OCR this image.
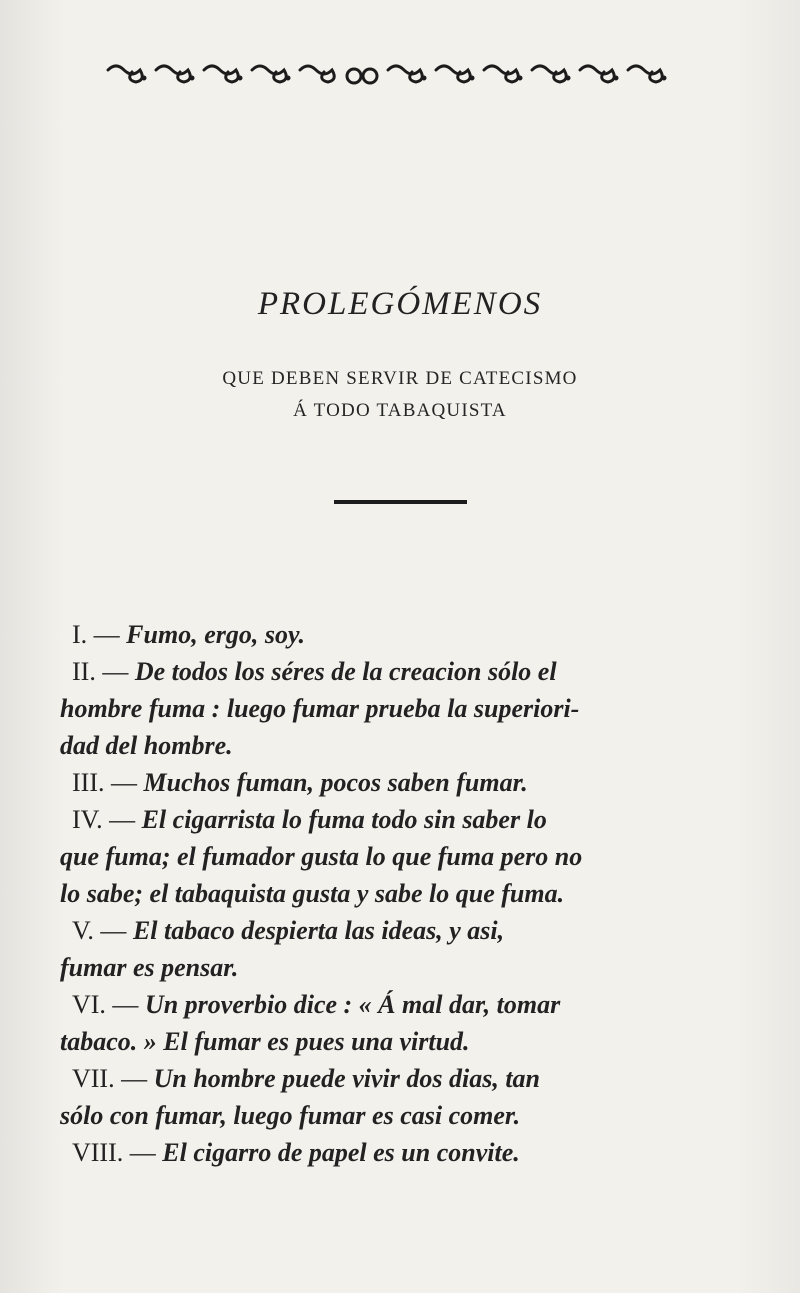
PROLEGÓMENOS
QUE DEBEN SERVIR DE CATECISMO
Á TODO TABAQUISTA
I. — Fumo, ergo, soy.
II. — De todos los séres de la creacion sólo el
hombre fuma : luego fumar prueba la superiori-
dad del hombre.
III. — Muchos fuman, pocos saben fumar.
IV. — El cigarrista lo fuma todo sin saber lo
que fuma; el fumador gusta lo que fuma pero no
lo sabe; el tabaquista gusta y sabe lo que fuma.
V. — El tabaco despierta las ideas, y asi,
fumar es pensar.
VI. — Un proverbio dice : « Á mal dar, tomar
tabaco. » El fumar es pues una virtud.
VII. — Un hombre puede vivir dos dias, tan
sólo con fumar, luego fumar es casi comer.
VIII. — El cigarro de papel es un convite.
